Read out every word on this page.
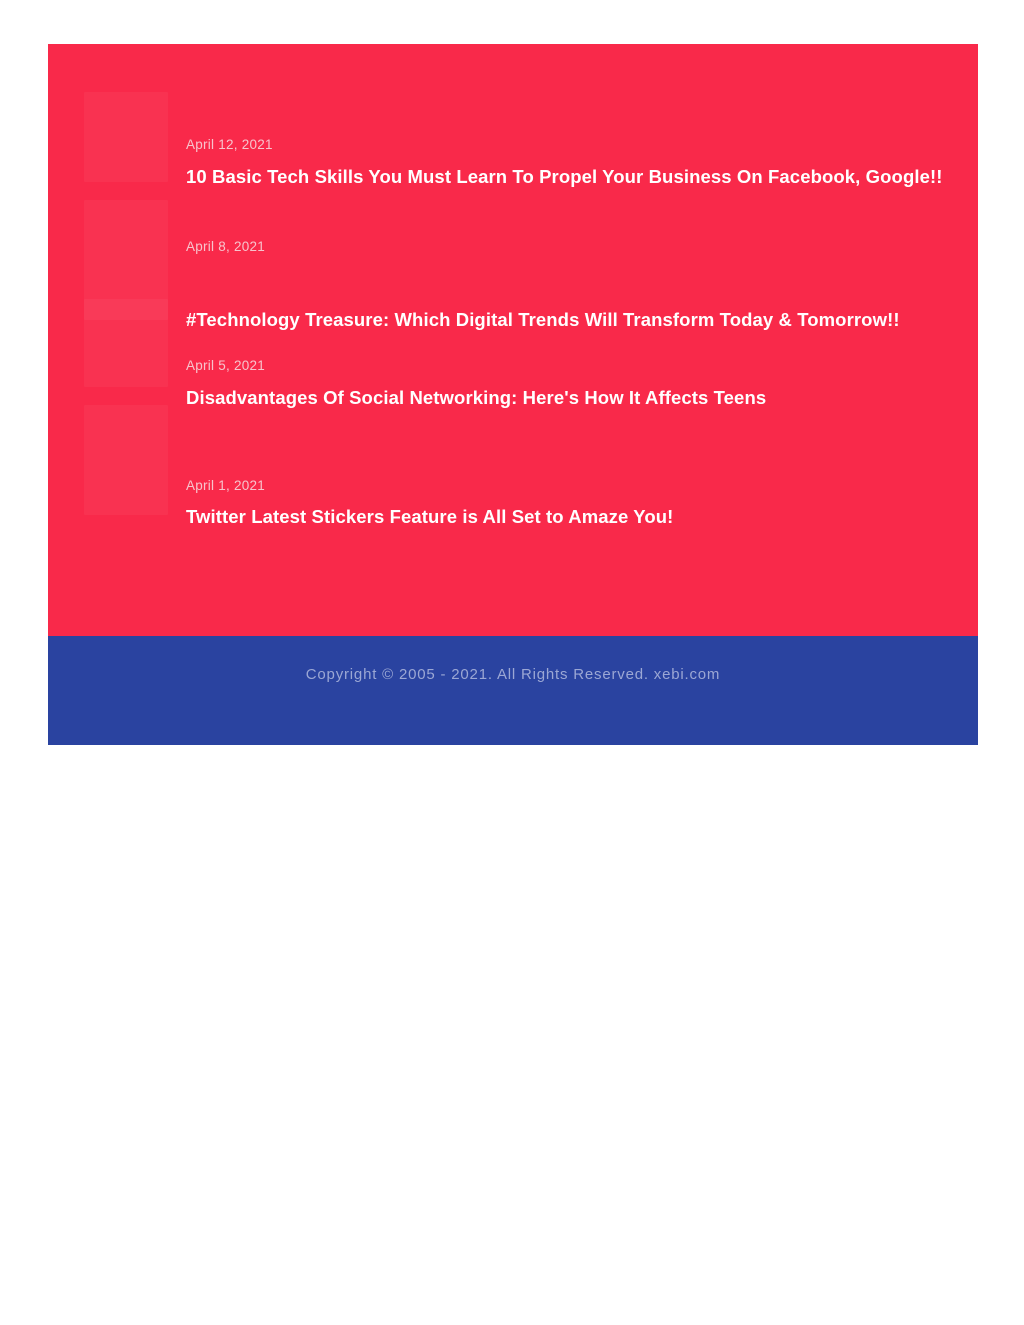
April 12, 2021
10 Basic Tech Skills You Must Learn To Propel Your Business On Facebook, Google!!
April 8, 2021
#Technology Treasure: Which Digital Trends Will Transform Today & Tomorrow!!
April 5, 2021
Disadvantages Of Social Networking: Here's How It Affects Teens
April 1, 2021
Twitter Latest Stickers Feature is All Set to Amaze You!
Copyright © 2005 - 2021. All Rights Reserved. xebi.com
